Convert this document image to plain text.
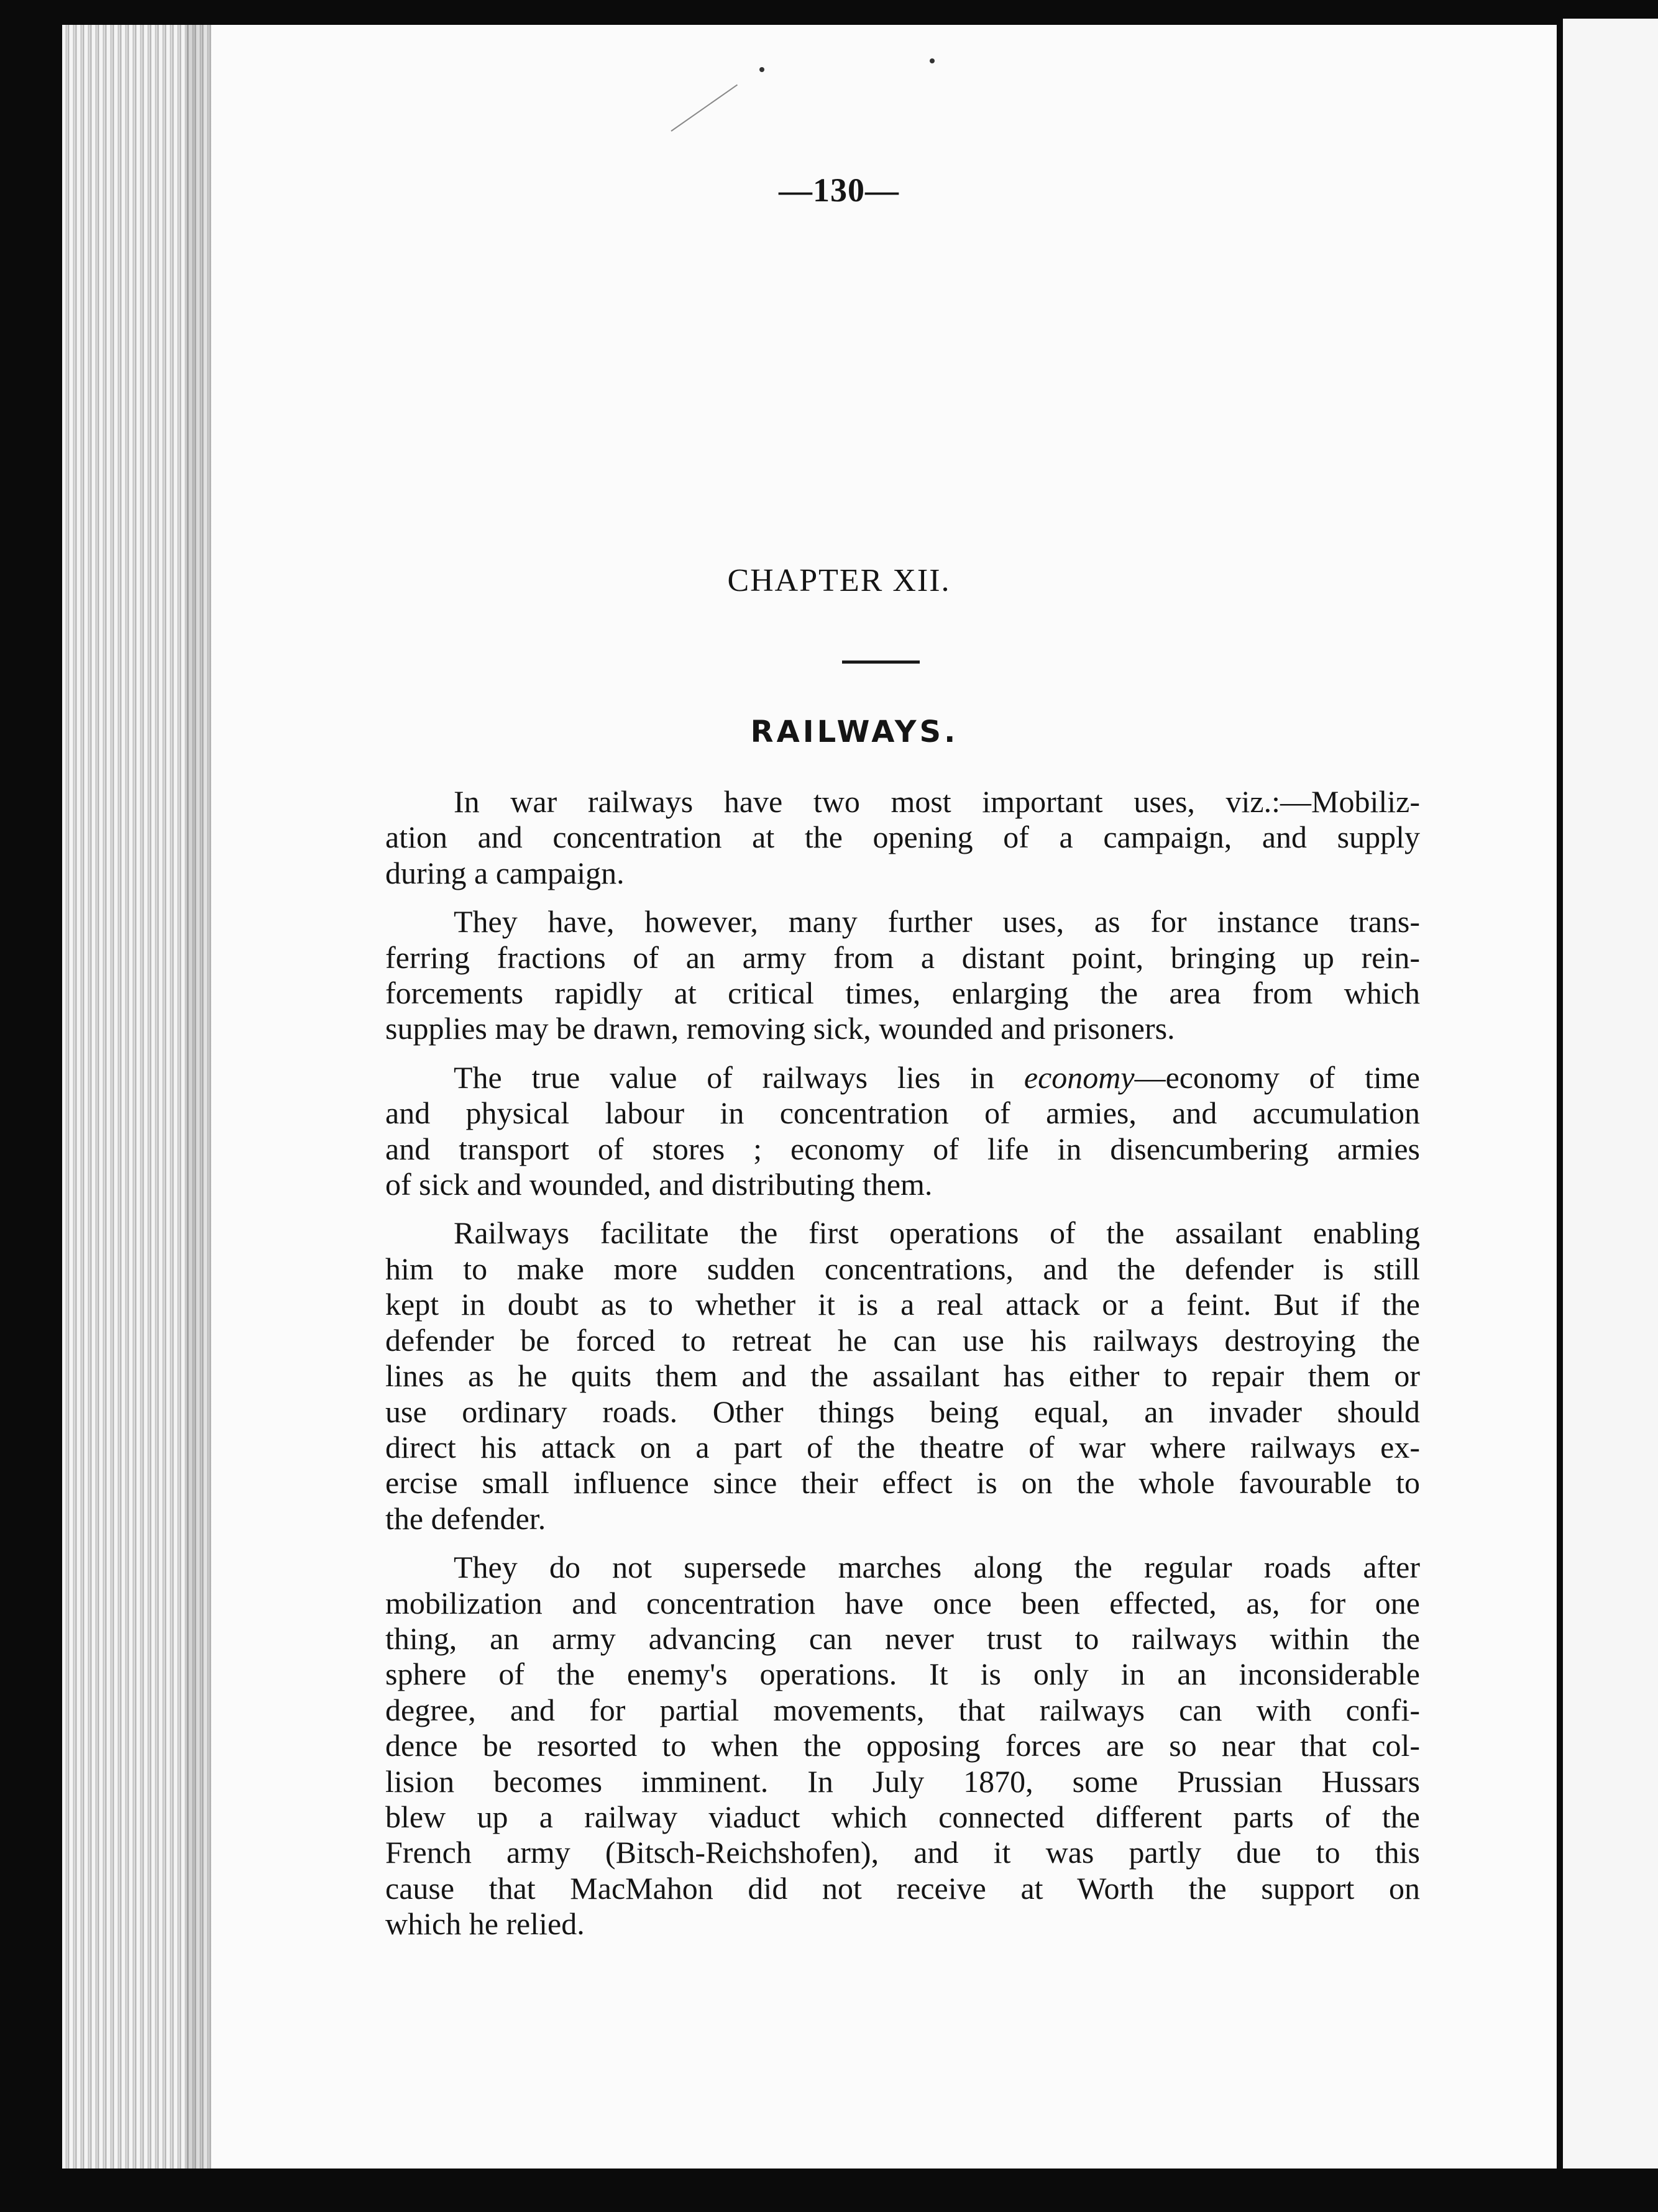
—130—
CHAPTER XII.
RAILWAYS.

In war railways have two most important uses, viz.:—Mobiliz-
ation and concentration at the opening of a campaign, and supply
during a campaign.

They have, however, many further uses, as for instance trans-
ferring fractions of an army from a distant point, bringing up rein-
forcements rapidly at critical times, enlarging the area from which
supplies may be drawn, removing sick, wounded and prisoners.

The true value of railways lies in economy—economy of time
and physical labour in concentration of armies, and accumulation
and transport of stores ; economy of life in disencumbering armies
of sick and wounded, and distributing them.

Railways facilitate the first operations of the assailant enabling
him to make more sudden concentrations, and the defender is still
kept in doubt as to whether it is a real attack or a feint. But if the
defender be forced to retreat he can use his railways destroying the
lines as he quits them and the assailant has either to repair them or
use ordinary roads. Other things being equal, an invader should
direct his attack on a part of the theatre of war where railways ex-
ercise small influence since their effect is on the whole favourable to
the defender.

They do not supersede marches along the regular roads after
mobilization and concentration have once been effected, as, for one
thing, an army advancing can never trust to railways within the
sphere of the enemy's operations. It is only in an inconsiderable
degree, and for partial movements, that railways can with confi-
dence be resorted to when the opposing forces are so near that col-
lision becomes imminent. In July 1870, some Prussian Hussars
blew up a railway viaduct which connected different parts of the
French army (Bitsch-Reichshofen), and it was partly due to this
cause that MacMahon did not receive at Worth the support on
which he relied.
